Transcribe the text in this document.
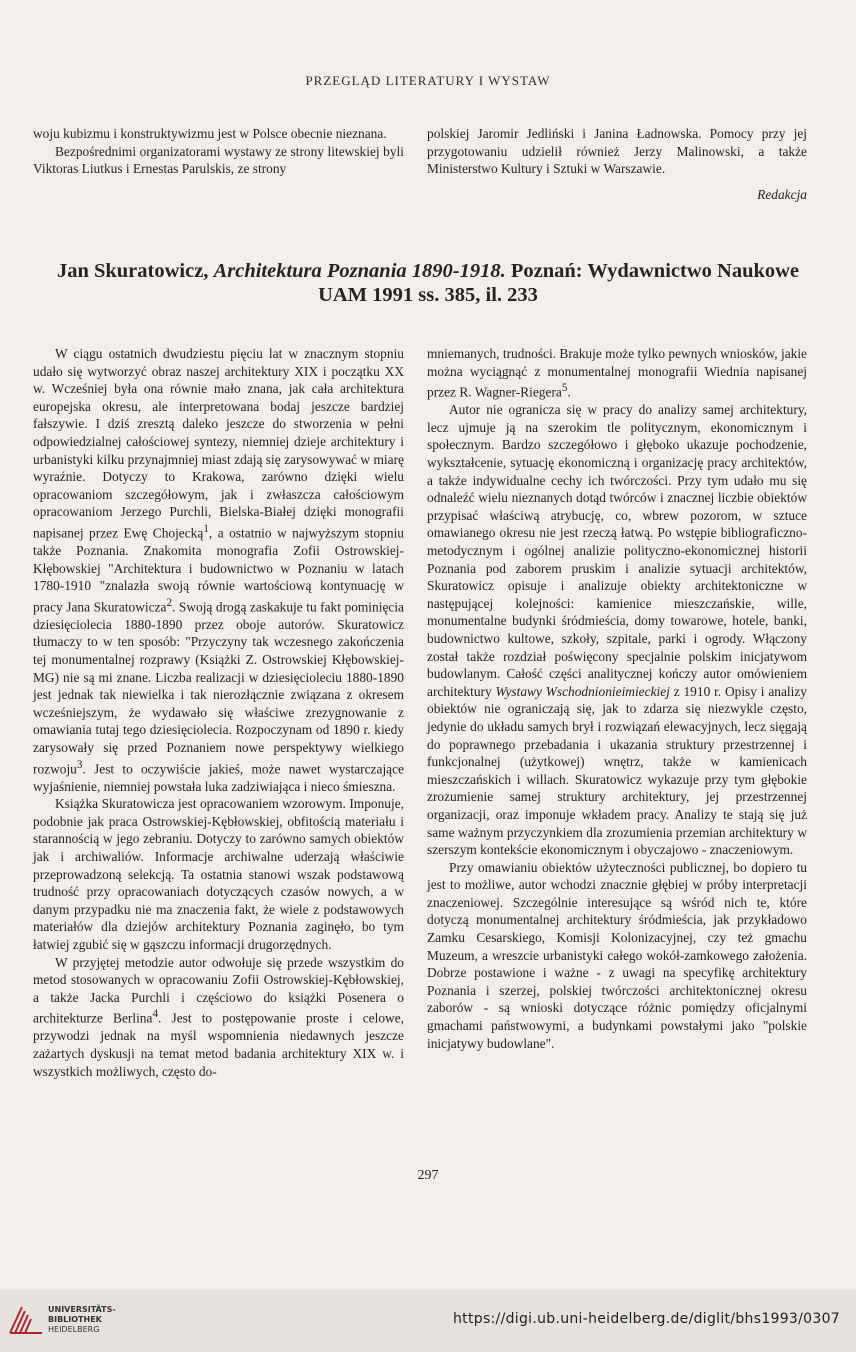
PRZEGLĄD LITERATURY I WYSTAW

woju kubizmu i konstruktywizmu jest w Polsce obecnie nieznana.

Bezpośrednimi organizatorami wystawy ze strony litewskiej byli Viktoras Liutkus i Ernestas Parulskis, ze strony

polskiej Jaromir Jedliński i Janina Ładnowska. Pomocy przy jej przygotowaniu udzielił również Jerzy Malinowski, a także Ministerstwo Kultury i Sztuki w Warszawie.

Redakcja

Jan Skuratowicz, Architektura Poznania 1890-1918. Poznań: Wydawnictwo Naukowe UAM 1991 ss. 385, il. 233

W ciągu ostatnich dwudziestu pięciu lat w znacznym stopniu udało się wytworzyć obraz naszej architektury XIX i początku XX w. Wcześniej była ona równie mało znana, jak cała architektura europejska okresu, ale interpretowana bodaj jeszcze bardziej fałszywie. I dziś zresztą daleko jeszcze do stworzenia w pełni odpowiedzialnej całościowej syntezy, niemniej dzieje architektury i urbanistyki kilku przynajmniej miast zdają się zarysowywać w miarę wyraźnie. Dotyczy to Krakowa, zarówno dzięki wielu opracowaniom szczegółowym, jak i zwłaszcza całościowym opracowaniom Jerzego Purchli, Bielska-Białej dzięki monografii napisanej przez Ewę Chojecką$^1$, a ostatnio w najwyższym stopniu także Poznania. Znakomita monografia Zofii Ostrowskiej-Kłębowskiej "Architektura i budownictwo w Poznaniu w latach 1780-1910 "znalazła swoją równie wartościową kontynuację w pracy Jana Skuratowicza$^2$. Swoją drogą zaskakuje tu fakt pominięcia dziesięciolecia 1880-1890 przez oboje autorów. Skuratowicz tłumaczy to w ten sposób: "Przyczyny tak wczesnego zakończenia tej monumentalnej rozprawy (Książki Z. Ostrowskiej Kłębowskiej-MG) nie są mi znane. Liczba realizacji w dziesięcioleciu 1880-1890 jest jednak tak niewielka i tak nierozłącznie związana z okresem wcześniejszym, że wydawało się właściwe zrezygnowanie z omawiania tutaj tego dziesięciolecia. Rozpoczynam od 1890 r. kiedy zarysowały się przed Poznaniem nowe perspektywy wielkiego rozwoju$^3$. Jest to oczywiście jakieś, może nawet wystarczające wyjaśnienie, niemniej powstała luka zadziwiająca i nieco śmieszna.

Książka Skuratowicza jest opracowaniem wzorowym. Imponuje, podobnie jak praca Ostrowskiej-Kębłowskiej, obfitością materiału i starannością w jego zebraniu. Dotyczy to zarówno samych obiektów jak i archiwaliów. Informacje archiwalne uderzają właściwie przeprowadzoną selekcją. Ta ostatnia stanowi wszak podstawową trudność przy opracowaniach dotyczących czasów nowych, a w danym przypadku nie ma znaczenia fakt, że wiele z podstawowych materiałów dla dziejów architektury Poznania zaginęło, bo tym łatwiej zgubić się w gąszczu informacji drugorzędnych.

W przyjętej metodzie autor odwołuje się przede wszystkim do metod stosowanych w opracowaniu Zofii Ostrowskiej-Kębłowskiej, a także Jacka Purchli i częściowo do książki Posenera o architekturze Berlina$^4$. Jest to postępowanie proste i celowe, przywodzi jednak na myśl wspomnienia niedawnych jeszcze zażartych dyskusji na temat metod badania architektury XIX w. i wszystkich możliwych, często do-

mniemanych, trudności. Brakuje może tylko pewnych wniosków, jakie można wyciągnąć z monumentalnej monografii Wiednia napisanej przez R. Wagner-Riegera$^5$.

Autor nie ogranicza się w pracy do analizy samej architektury, lecz ujmuje ją na szerokim tle politycznym, ekonomicznym i społecznym. Bardzo szczegółowo i głęboko ukazuje pochodzenie, wykształcenie, sytuację ekonomiczną i organizację pracy architektów, a także indywidualne cechy ich twórczości. Przy tym udało mu się odnaleźć wielu nieznanych dotąd twórców i znacznej liczbie obiektów przypisać właściwą atrybucję, co, wbrew pozorom, w sztuce omawianego okresu nie jest rzeczą łatwą. Po wstępie bibliograficzno-metodycznym i ogólnej analizie polityczno-ekonomicznej historii Poznania pod zaborem pruskim i analizie sytuacji architektów, Skuratowicz opisuje i analizuje obiekty architektoniczne w następującej kolejności: kamienice mieszczańskie, wille, monumentalne budynki śródmieścia, domy towarowe, hotele, banki, budownictwo kultowe, szkoły, szpitale, parki i ogrody. Włączony został także rozdział poświęcony specjalnie polskim inicjatywom budowlanym. Całość części analitycznej kończy autor omówieniem architektury Wystawy Wschodnionieimieckiej z 1910 r. Opisy i analizy obiektów nie ograniczają się, jak to zdarza się niezwykle często, jedynie do układu samych brył i rozwiązań elewacyjnych, lecz sięgają do poprawnego przebadania i ukazania struktury przestrzennej i funkcjonalnej (użytkowej) wnętrz, także w kamienicach mieszczańskich i willach. Skuratowicz wykazuje przy tym głębokie zrozumienie samej struktury architektury, jej przestrzennej organizacji, oraz imponuje wkładem pracy. Analizy te stają się już same ważnym przyczynkiem dla zrozumienia przemian architektury w szerszym kontekście ekonomicznym i obyczajowo - znaczeniowym.

Przy omawianiu obiektów użyteczności publicznej, bo dopiero tu jest to możliwe, autor wchodzi znacznie głębiej w próby interpretacji znaczeniowej. Szczególnie interesujące są wśród nich te, które dotyczą monumentalnej architektury śródmieścia, jak przykładowo Zamku Cesarskiego, Komisji Kolonizacyjnej, czy też gmachu Muzeum, a wreszcie urbanistyki całego wokół-zamkowego założenia. Dobrze postawione i ważne - z uwagi na specyfikę architektury Poznania i szerzej, polskiej twórczości architektonicznej okresu zaborów - są wnioski dotyczące różnic pomiędzy oficjalnymi gmachami państwowymi, a budynkami powstałymi jako "polskie inicjatywy budowlane".

297
UNIVERSITÄTS-
BIBLIOTHEK
HEIDELBERG
https://digi.ub.uni-heidelberg.de/diglit/bhs1993/0307
